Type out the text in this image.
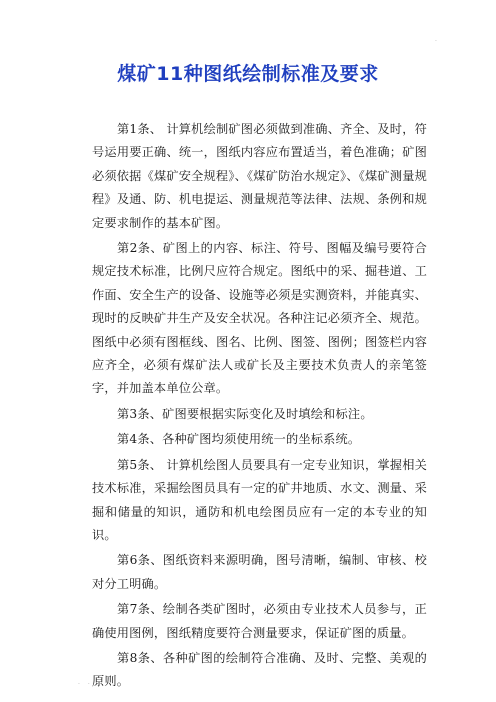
.
煤矿11种图纸绘制标准及要求

第1条、 计算机绘制矿图必须做到准确、齐全、及时，符号运用要正确、统一，图纸内容应布置适当，着色准确；矿图必须依据《煤矿安全规程》、《煤矿防治水规定》、《煤矿测量规程》及通、防、机电提运、测量规范等法律、法规、条例和规定要求制作的基本矿图。

第2条、矿图上的内容、标注、符号、图幅及编号要符合规定技术标准，比例尺应符合规定。图纸中的采、掘巷道、工作面、安全生产的设备、设施等必须是实测资料，并能真实、现时的反映矿井生产及安全状况。各种注记必须齐全、规范。图纸中必须有图框线、图名、比例、图签、图例；图签栏内容应齐全，必须有煤矿法人或矿长及主要技术负责人的亲笔签字，并加盖本单位公章。

第3条、矿图要根据实际变化及时填绘和标注。

第4条、各种矿图均须使用统一的坐标系统。

第5条、 计算机绘图人员要具有一定专业知识，掌握相关技术标准，采掘绘图员具有一定的矿井地质、水文、测量、采掘和储量的知识，通防和机电绘图员应有一定的本专业的知识。

第6条、图纸资料来源明确，图号清晰，编制、审核、校对分工明确。

第7条、绘制各类矿图时，必须由专业技术人员参与，正确使用图例，图纸精度要符合测量要求，保证矿图的质量。

第8条、各种矿图的绘制符合准确、及时、完整、美观的原则。

. .
